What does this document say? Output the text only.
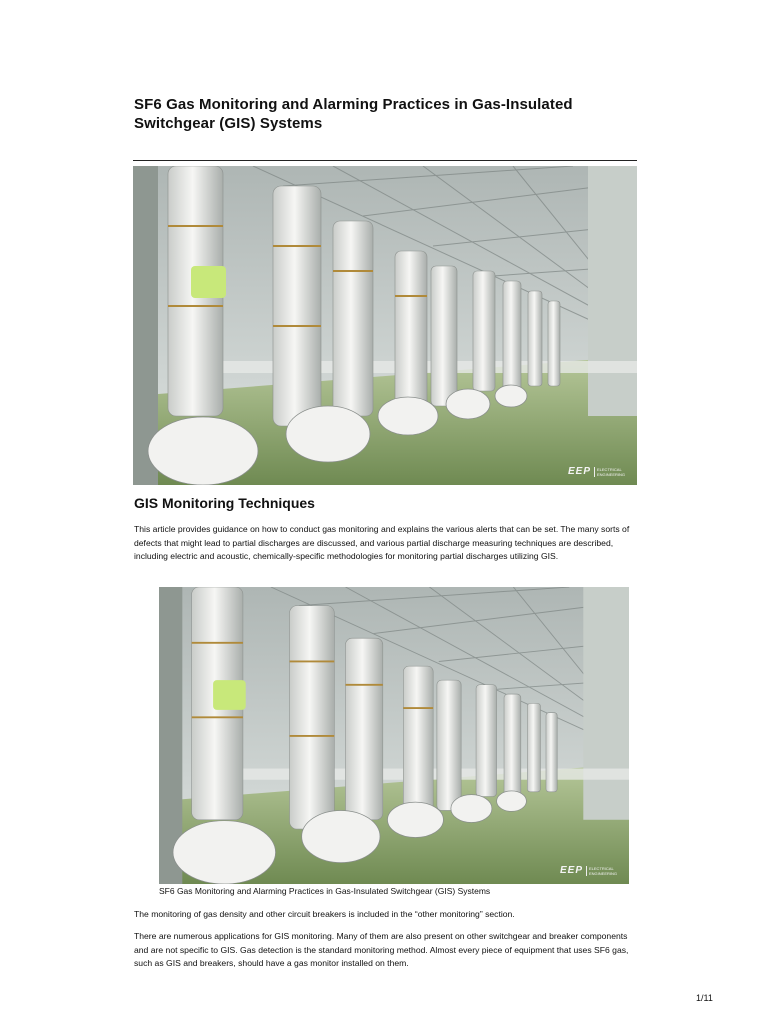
SF6 Gas Monitoring and Alarming Practices in Gas-Insulated Switchgear (GIS) Systems
EEP	ELECTRICAL ENGINEERING
GIS Monitoring Techniques

This article provides guidance on how to conduct gas monitoring and explains the various alerts that can be set. The many sorts of defects that might lead to partial discharges are discussed, and various partial discharge measuring techniques are described, including electric and acoustic, chemically-specific methodologies for monitoring partial discharges utilizing GIS.

EEP	ELECTRICAL ENGINEERING
SF6 Gas Monitoring and Alarming Practices in Gas-Insulated Switchgear (GIS) Systems

The monitoring of gas density and other circuit breakers is included in the “other monitoring” section.

There are numerous applications for GIS monitoring. Many of them are also present on other switchgear and breaker components and are not specific to GIS. Gas detection is the standard monitoring method. Almost every piece of equipment that uses SF6 gas, such as GIS and breakers, should have a gas monitor installed on them.

1/11
